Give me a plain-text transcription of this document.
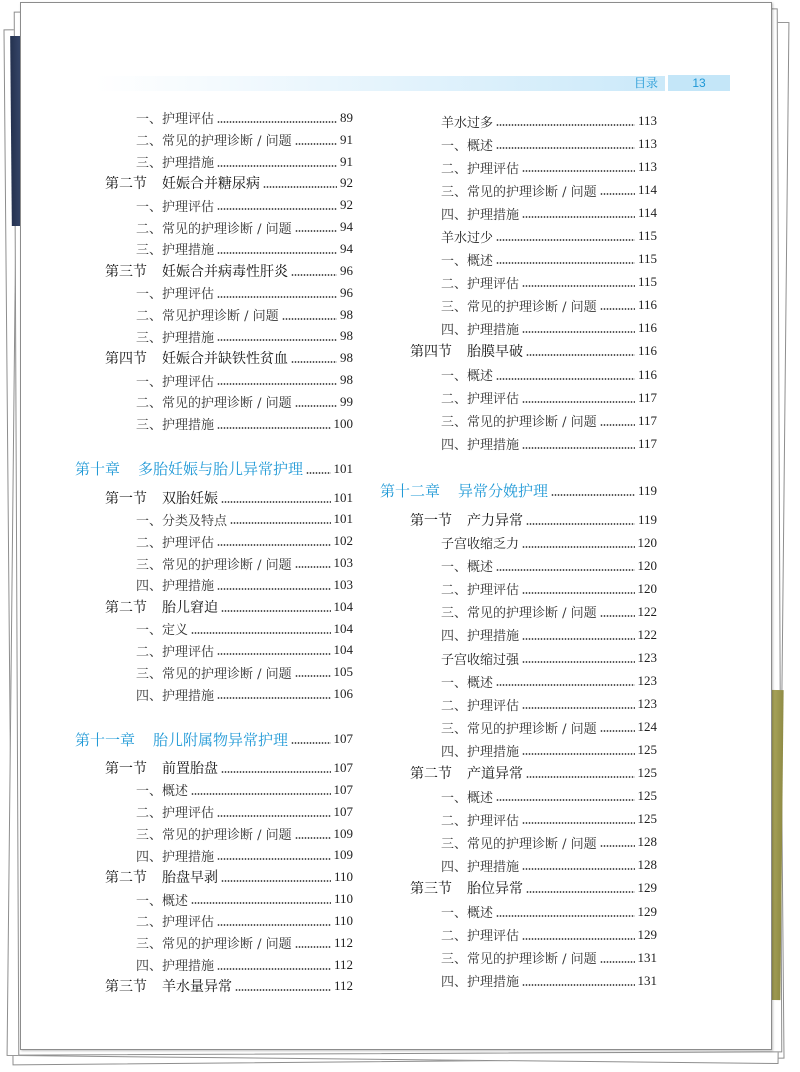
目录	13
一、护理评估	89
二、常见的护理诊断 / 问题	91
三、护理措施	91
第二节 妊娠合并糖尿病	92
一、护理评估	92
二、常见的护理诊断 / 问题	94
三、护理措施	94
第三节 妊娠合并病毒性肝炎	96
一、护理评估	96
二、常见护理诊断 / 问题	98
三、护理措施	98
第四节 妊娠合并缺铁性贫血	98
一、护理评估	98
二、常见的护理诊断 / 问题	99
三、护理措施	100
第十章 多胎妊娠与胎儿异常护理 101
第一节 双胎妊娠	101
一、分类及特点	101
二、护理评估	102
三、常见的护理诊断 / 问题	103
四、护理措施	103
第二节 胎儿窘迫	104
一、定义	104
二、护理评估	104
三、常见的护理诊断 / 问题	105
四、护理措施	106
第十一章 胎儿附属物异常护理	107
第一节 前置胎盘	107
一、概述	107
二、护理评估	107
三、常见的护理诊断 / 问题	109
四、护理措施	109
第二节 胎盘早剥	110
一、概述	110
二、护理评估	110
三、常见的护理诊断 / 问题	112
四、护理措施	112
第三节 羊水量异常	112
羊水过多	113
一、概述	113
二、护理评估	113
三、常见的护理诊断 / 问题	114
四、护理措施	114
羊水过少	115
一、概述	115
二、护理评估	115
三、常见的护理诊断 / 问题	116
四、护理措施	116
第四节 胎膜早破	116
一、概述	116
二、护理评估	117
三、常见的护理诊断 / 问题	117
四、护理措施	117
第十二章 异常分娩护理	119
第一节 产力异常	119
子宫收缩乏力	120
一、概述	120
二、护理评估	120
三、常见的护理诊断 / 问题	122
四、护理措施	122
子宫收缩过强	123
一、概述	123
二、护理评估	123
三、常见的护理诊断 / 问题	124
四、护理措施	125
第二节 产道异常	125
一、概述	125
二、护理评估	125
三、常见的护理诊断 / 问题	128
四、护理措施	128
第三节 胎位异常	129
一、概述	129
二、护理评估	129
三、常见的护理诊断 / 问题	131
四、护理措施	131
